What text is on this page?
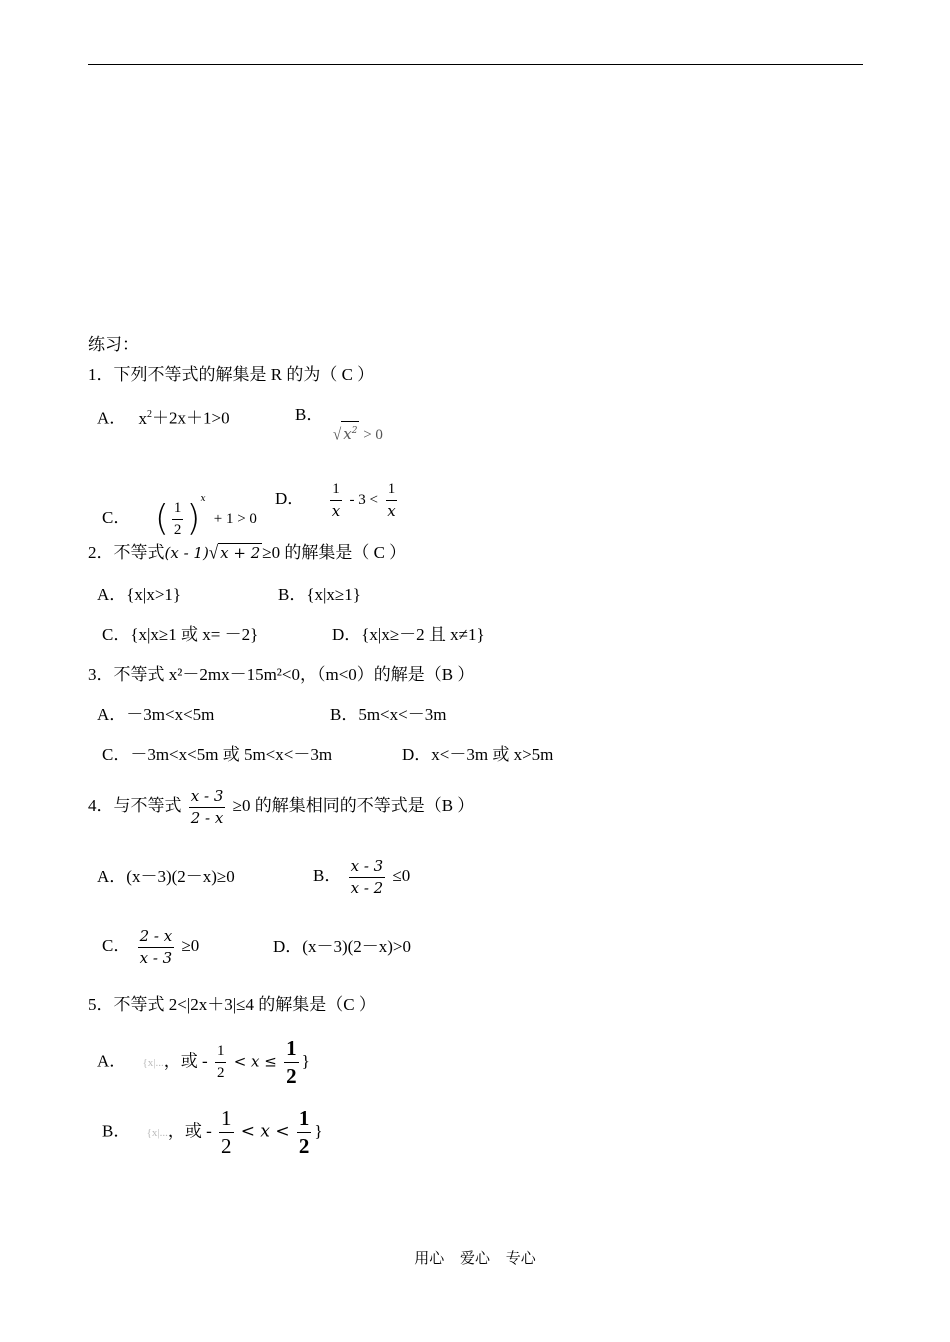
练习：
1．下列不等式的解集是 R 的为（ C ）
A． $x^2+2x+1>0$	B．
√ $x^2 > 0$
C． ( $\frac{1}{2} )^x + 1 > 0$
D． $\frac{1}{x} - 3 < \frac{1}{x}$
2．不等式(x - 1)√ x + 2 ≥0 的解集是（ C ）
A．{x|x>1}	B．{x|x≥1}
C．{x|x≥1 或 x= －2}	D．{x|x≥－2 且 x≠1}
3．不等式 x²－2mx－15m²<0，（m<0）的解是（B ）
A．－3m<x<5m	B．5m<x<－3m
C．－3m<x<5m 或 5m<x<－3m	D．x<－3m 或 x>5m
4．与不等式 $\frac{x - 3}{2 - x} \ge 0$ 的解集相同的不等式是（B ）
A．(x－3)(2－x)≥0	B． $\frac{x - 3}{x - 2} \le 0$
C． $\frac{2 - x}{x - 3} \ge 0$	D．(x－3)(2－x)>0
5．不等式 2<|2x＋3|≤4 的解集是（C ）
A． {x|...，或 - $\frac{1}{2} < x \le \frac{1}{2}$ }
B． {x|...，或 - $\frac{1}{2} < x < \frac{1}{2}$ }
用心 爱心 专心
